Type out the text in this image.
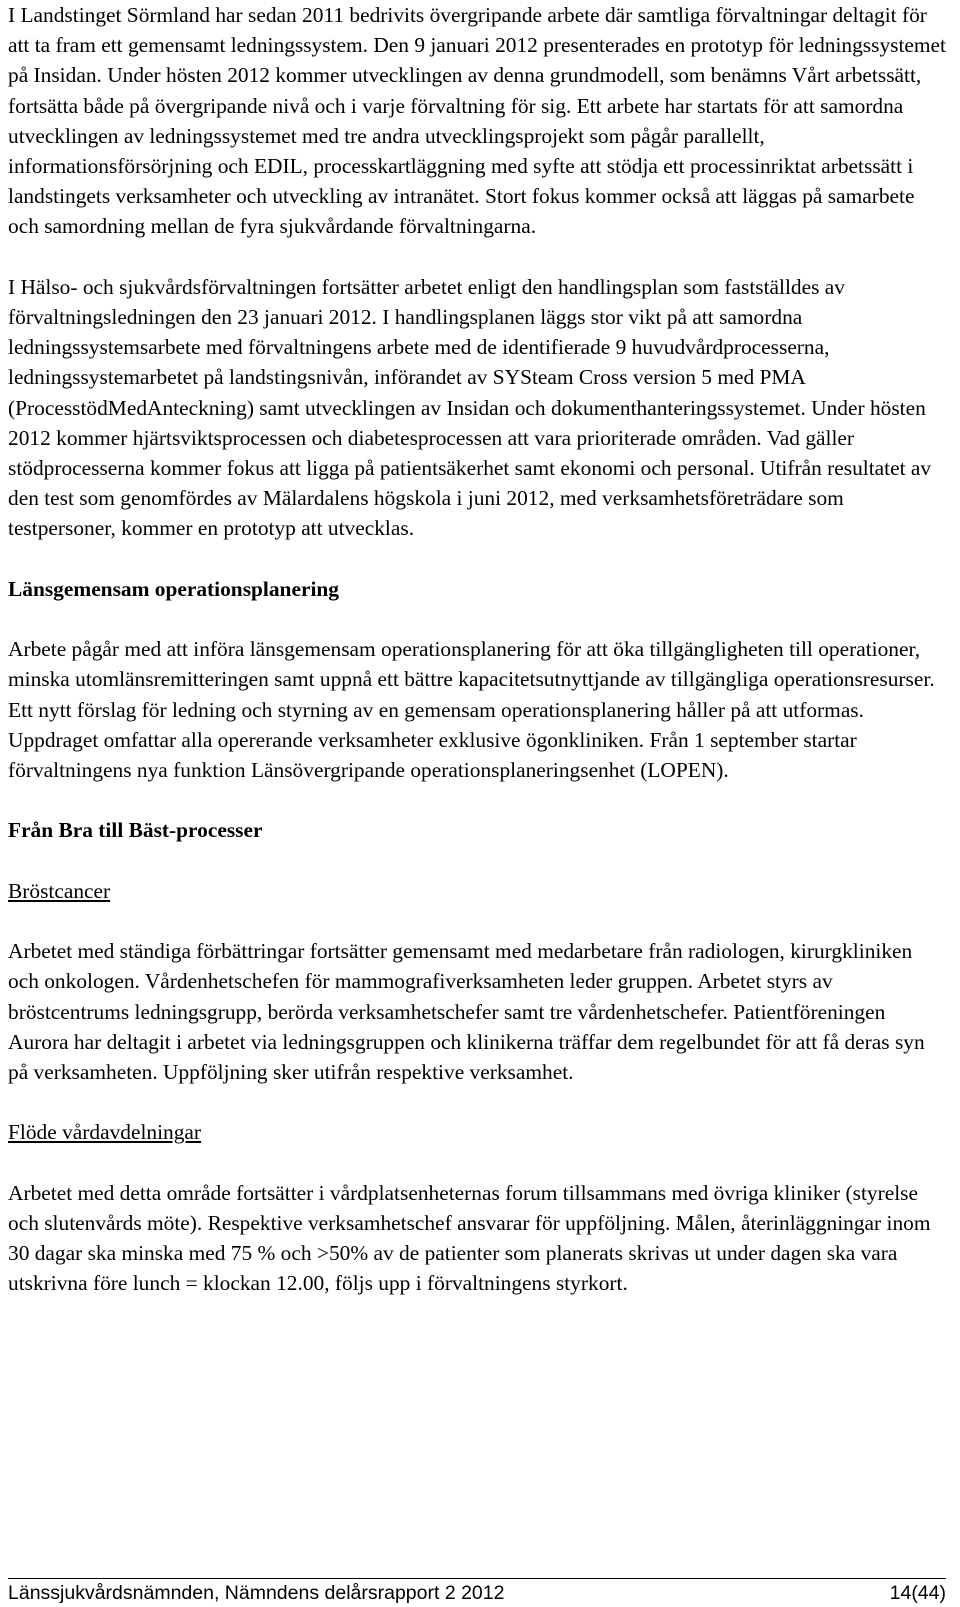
I Landstinget Sörmland har sedan 2011 bedrivits övergripande arbete där samtliga förvaltningar deltagit för att ta fram ett gemensamt ledningssystem. Den 9 januari 2012 presenterades en prototyp för ledningssystemet på Insidan. Under hösten 2012 kommer utvecklingen av denna grundmodell, som benämns Vårt arbetssätt, fortsätta både på övergripande nivå och i varje förvaltning för sig. Ett arbete har startats för att samordna utvecklingen av ledningssystemet med tre andra utvecklingsprojekt som pågår parallellt, informationsförsörjning och EDIL, processkartläggning med syfte att stödja ett processinriktat arbetssätt i landstingets verksamheter och utveckling av intranätet. Stort fokus kommer också att läggas på samarbete och samordning mellan de fyra sjukvårdande förvaltningarna.

I Hälso- och sjukvårdsförvaltningen fortsätter arbetet enligt den handlingsplan som fastställdes av förvaltningsledningen den 23 januari 2012. I handlingsplanen läggs stor vikt på att samordna ledningssystemsarbete med förvaltningens arbete med de identifierade 9 huvudvårdprocesserna, ledningssystemarbetet på landstingsnivån, införandet av SYSteam Cross version 5 med PMA (ProcesstödMedAnteckning) samt utvecklingen av Insidan och dokumenthanteringssystemet. Under hösten 2012 kommer hjärtsviktsprocessen och diabetesprocessen att vara prioriterade områden. Vad gäller stödprocesserna kommer fokus att ligga på patientsäkerhet samt ekonomi och personal. Utifrån resultatet av den test som genomfördes av Mälardalens högskola i juni 2012, med verksamhetsföreträdare som testpersoner, kommer en prototyp att utvecklas.

Länsgemensam operationsplanering

Arbete pågår med att införa länsgemensam operationsplanering för att öka tillgängligheten till operationer, minska utomlänsremitteringen samt uppnå ett bättre kapacitetsutnyttjande av tillgängliga operationsresurser. Ett nytt förslag för ledning och styrning av en gemensam operationsplanering håller på att utformas. Uppdraget omfattar alla opererande verksamheter exklusive ögonkliniken. Från 1 september startar förvaltningens nya funktion Länsövergripande operationsplaneringsenhet (LOPEN).

Från Bra till Bäst-processer

Bröstcancer

Arbetet med ständiga förbättringar fortsätter gemensamt med medarbetare från radiologen, kirurgkliniken och onkologen. Vårdenhetschefen för mammografiverksamheten leder gruppen. Arbetet styrs av bröstcentrums ledningsgrupp, berörda verksamhetschefer samt tre vårdenhetschefer. Patientföreningen Aurora har deltagit i arbetet via ledningsgruppen och klinikerna träffar dem regelbundet för att få deras syn på verksamheten. Uppföljning sker utifrån respektive verksamhet.

Flöde vårdavdelningar

Arbetet med detta område fortsätter i vårdplatsenheternas forum tillsammans med övriga kliniker (styrelse och slutenvårds möte). Respektive verksamhetschef ansvarar för uppföljning. Målen, återinläggningar inom 30 dagar ska minska med 75 % och >50% av de patienter som planerats skrivas ut under dagen ska vara utskrivna före lunch = klockan 12.00, följs upp i förvaltningens styrkort.

Länssjukvårdsnämnden, Nämndens delårsrapport 2 2012	14(44)
